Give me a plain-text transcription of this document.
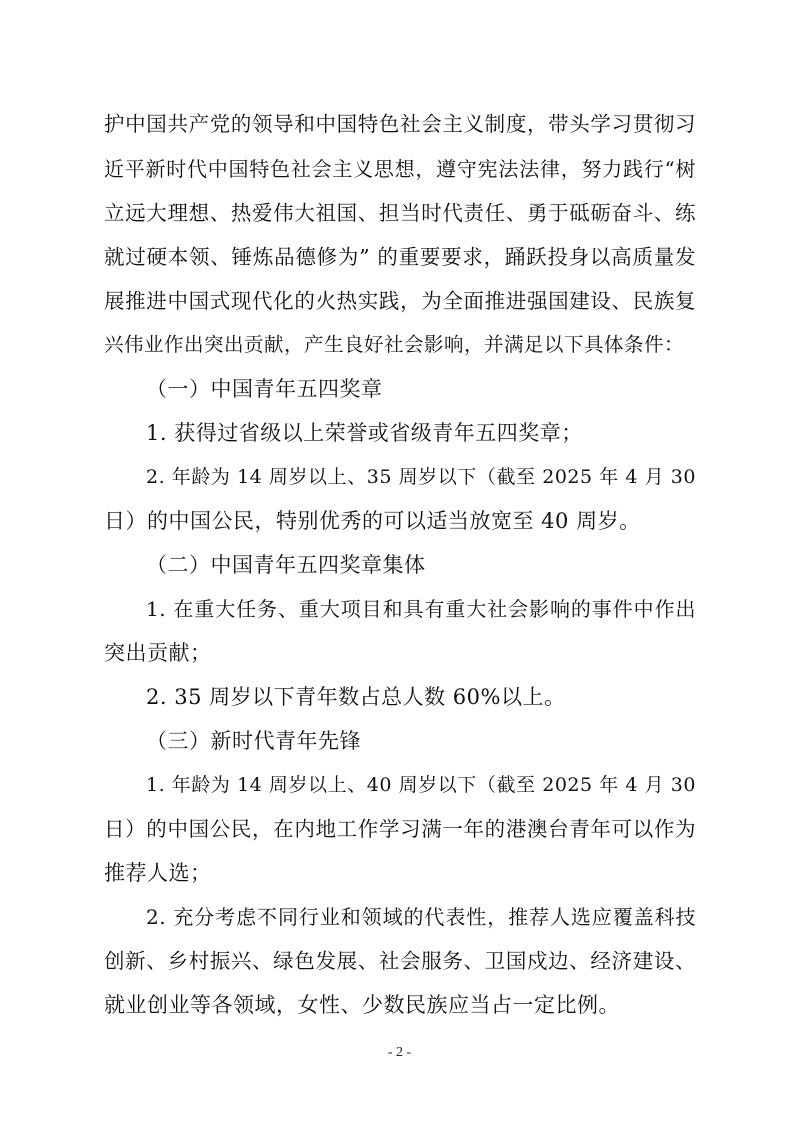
护中国共产党的领导和中国特色社会主义制度，带头学习贯彻习
近平新时代中国特色社会主义思想，遵守宪法法律，努力践行“树
立远大理想、热爱伟大祖国、担当时代责任、勇于砥砺奋斗、练
就过硬本领、锤炼品德修为” 的重要要求，踊跃投身以高质量发
展推进中国式现代化的火热实践，为全面推进强国建设、民族复
兴伟业作出突出贡献，产生良好社会影响，并满足以下具体条件：
（一）中国青年五四奖章
1. 获得过省级以上荣誉或省级青年五四奖章；
2. 年龄为 14 周岁以上、35 周岁以下（截至 2025 年 4 月 30
日）的中国公民，特别优秀的可以适当放宽至 40 周岁。
（二）中国青年五四奖章集体
1. 在重大任务、重大项目和具有重大社会影响的事件中作出
突出贡献；
2. 35 周岁以下青年数占总人数 60%以上。
（三）新时代青年先锋
1. 年龄为 14 周岁以上、40 周岁以下（截至 2025 年 4 月 30
日）的中国公民，在内地工作学习满一年的港澳台青年可以作为
推荐人选；
2. 充分考虑不同行业和领域的代表性，推荐人选应覆盖科技
创新、乡村振兴、绿色发展、社会服务、卫国戍边、经济建设、
就业创业等各领域，女性、少数民族应当占一定比例。
- 2 -
